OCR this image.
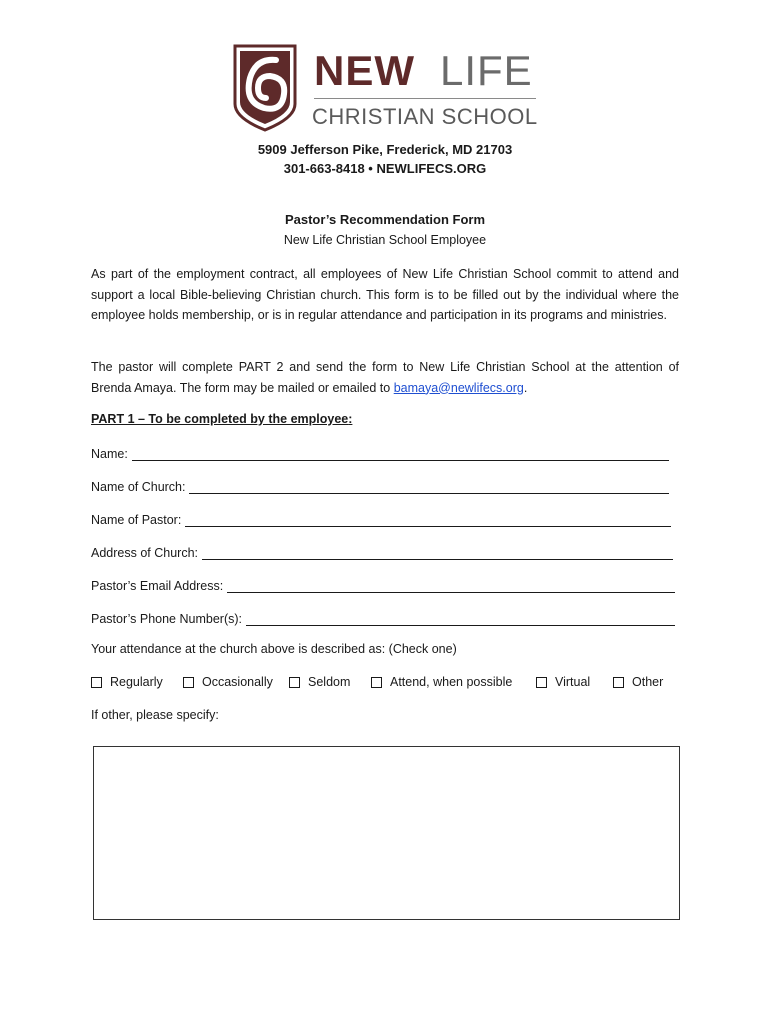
NEW LIFE
CHRISTIAN SCHOOL
5909 Jefferson Pike, Frederick, MD 21703
301-663-8418 • NEWLIFECS.ORG
Pastor’s Recommendation Form
New Life Christian School Employee

As part of the employment contract, all employees of New Life Christian School commit to attend and support a local Bible-believing Christian church. This form is to be filled out by the individual where the employee holds membership, or is in regular attendance and participation in its programs and ministries.

The pastor will complete PART 2 and send the form to New Life Christian School at the attention of Brenda Amaya. The form may be mailed or emailed to bamaya@newlifecs.org.

PART 1 – To be completed by the employee:
Name:
Name of Church:
Name of Pastor:
Address of Church:
Pastor’s Email Address:
Pastor’s Phone Number(s):
Your attendance at the church above is described as: (Check one)
Regularly	Occasionally	Seldom	Attend, when possible	Virtual	Other
If other, please specify:
